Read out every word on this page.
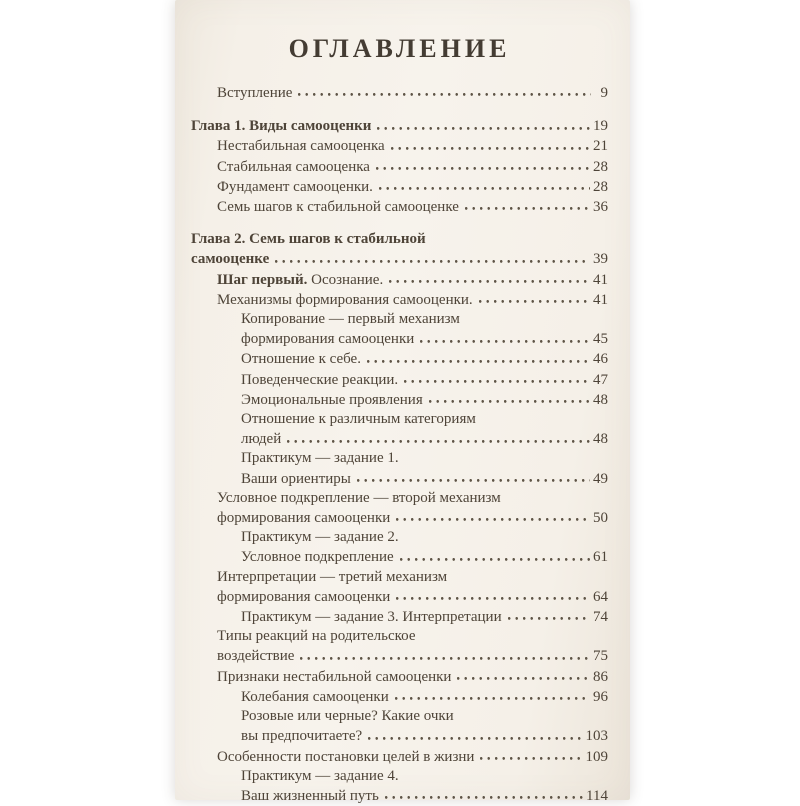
ОГЛАВЛЕНИЕ
Вступление	9
Глава 1. Виды самооценки	19
Нестабильная самооценка	21
Стабильная самооценка	28
Фундамент самооценки.	28
Семь шагов к стабильной самооценке	36
Глава 2. Семь шагов к стабильной
самооценке	39
Шаг первый. Осознание.	41
Механизмы формирования самооценки.	41
Копирование — первый механизм
формирования самооценки	45
Отношение к себе.	46
Поведенческие реакции.	47
Эмоциональные проявления	48
Отношение к различным категориям
людей	48
Практикум — задание 1.
Ваши ориентиры	49
Условное подкрепление — второй механизм
формирования самооценки	50
Практикум — задание 2.
Условное подкрепление	61
Интерпретации — третий механизм
формирования самооценки	64
Практикум — задание 3. Интерпретации	74
Типы реакций на родительское
воздействие	75
Признаки нестабильной самооценки	86
Колебания самооценки	96
Розовые или черные? Какие очки
вы предпочитаете?	103
Особенности постановки целей в жизни	109
Практикум — задание 4.
Ваш жизненный путь	114
